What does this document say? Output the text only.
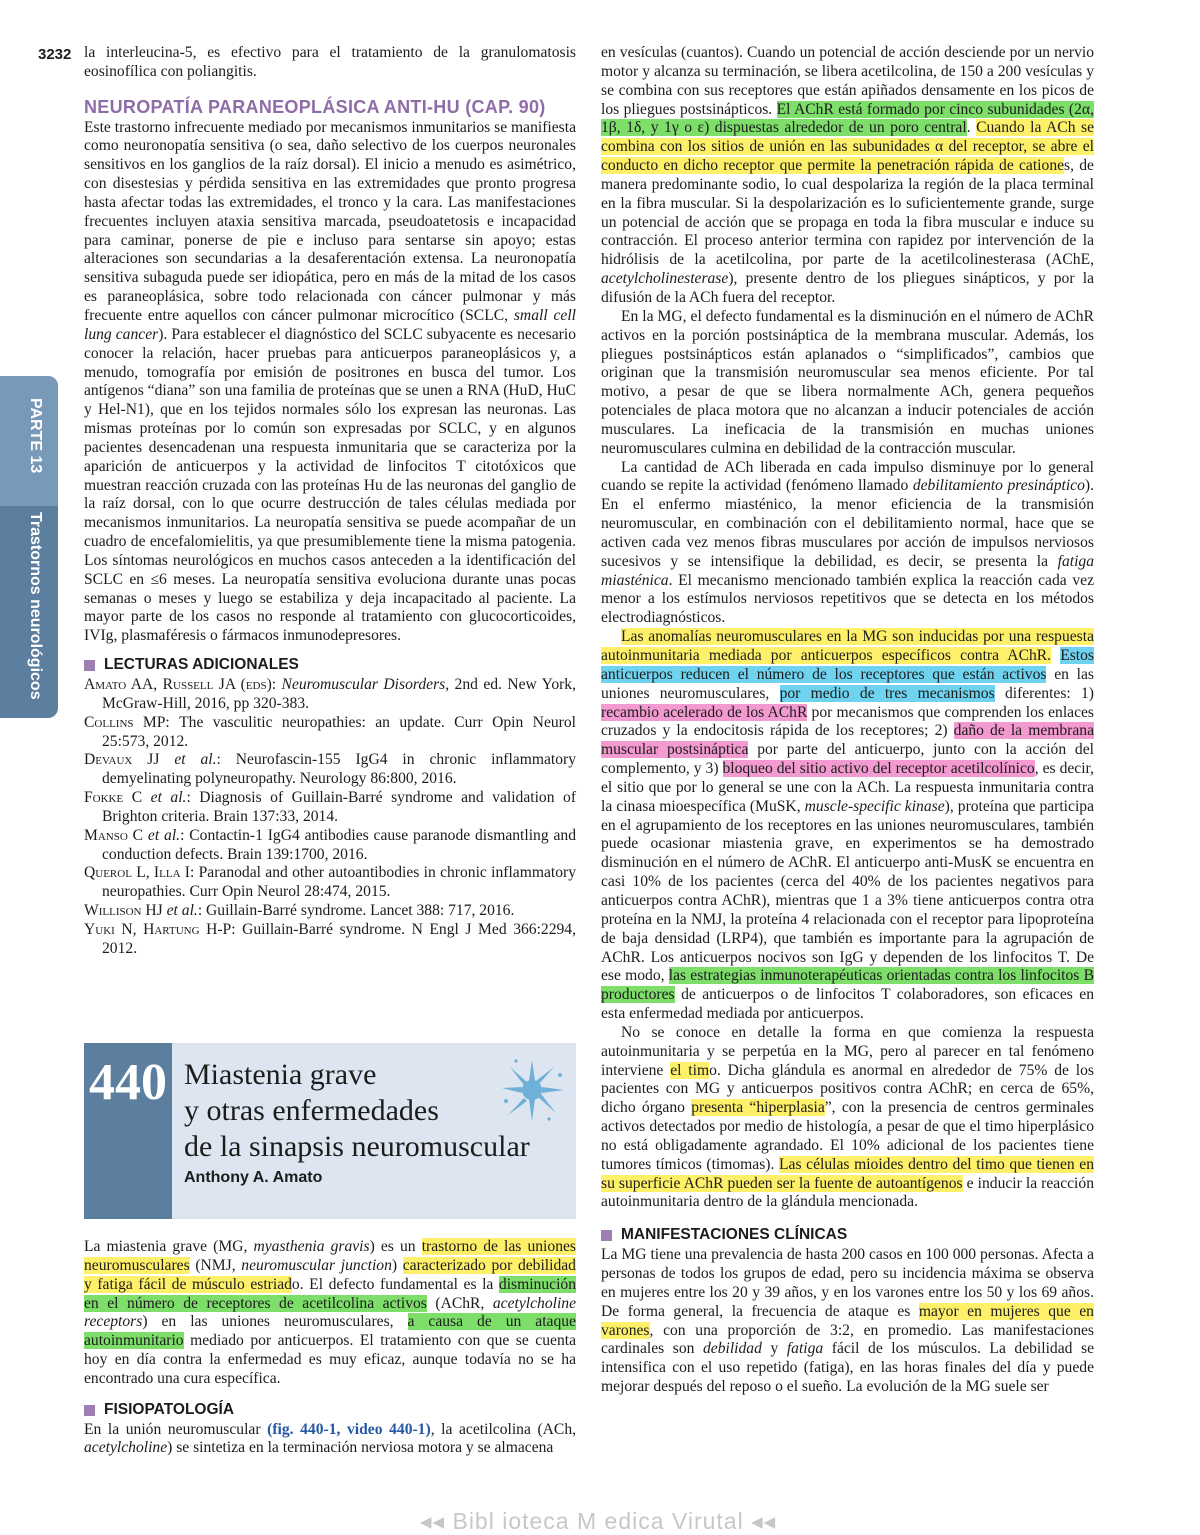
3232
PARTE 13
Trastornos neurológicos

la interleucina-5, es efectivo para el tratamiento de la granulomatosis eosinofílica con poliangitis.

NEUROPATÍA PARANEOPLÁSICA ANTI-HU (CAP. 90)

Este trastorno infrecuente mediado por mecanismos inmunitarios se manifiesta como neuronopatía sensitiva (o sea, daño selectivo de los cuerpos neuronales sensitivos en los ganglios de la raíz dorsal). El inicio a menudo es asimétrico, con disestesias y pérdida sensitiva en las extremidades que pronto progresa hasta afectar todas las extremidades, el tronco y la cara. Las manifestaciones frecuentes incluyen ataxia sensitiva marcada, pseudoatetosis e incapacidad para caminar, ponerse de pie e incluso para sentarse sin apoyo; estas alteraciones son secundarias a la desaferentación extensa. La neuronopatía sensitiva subaguda puede ser idiopática, pero en más de la mitad de los casos es paraneoplásica, sobre todo relacionada con cáncer pulmonar y más frecuente entre aquellos con cáncer pulmonar microcítico (SCLC, small cell lung cancer). Para establecer el diagnóstico del SCLC subyacente es necesario conocer la relación, hacer pruebas para anticuerpos paraneoplásicos y, a menudo, tomografía por emisión de positrones en busca del tumor. Los antígenos “diana” son una familia de proteínas que se unen a RNA (HuD, HuC y Hel-N1), que en los tejidos normales sólo los expresan las neuronas. Las mismas proteínas por lo común son expresadas por SCLC, y en algunos pacientes desencadenan una respuesta inmunitaria que se caracteriza por la aparición de anticuerpos y la actividad de linfocitos T citotóxicos que muestran reacción cruzada con las proteínas Hu de las neuronas del ganglio de la raíz dorsal, con lo que ocurre destrucción de tales células mediada por mecanismos inmunitarios. La neuropatía sensitiva se puede acompañar de un cuadro de encefalomielitis, ya que presumiblemente tiene la misma patogenia. Los síntomas neurológicos en muchos casos anteceden a la identificación del SCLC en ≤6 meses. La neuropatía sensitiva evoluciona durante unas pocas semanas o meses y luego se estabiliza y deja incapacitado al paciente. La mayor parte de los casos no responde al tratamiento con glucocorticoides, IVIg, plasmaféresis o fármacos inmunodepresores.

LECTURAS ADICIONALES

Amato AA, Russell JA (eds): Neuromuscular Disorders, 2nd ed. New York, McGraw-Hill, 2016, pp 320-383.

Collins MP: The vasculitic neuropathies: an update. Curr Opin Neurol 25:573, 2012.

Devaux JJ et al.: Neurofascin-155 IgG4 in chronic inflammatory demyelinating polyneuropathy. Neurology 86:800, 2016.

Fokke C et al.: Diagnosis of Guillain-Barré syndrome and validation of Brighton criteria. Brain 137:33, 2014.

Manso C et al.: Contactin-1 IgG4 antibodies cause paranode dismantling and conduction defects. Brain 139:1700, 2016.

Querol L, Illa I: Paranodal and other autoantibodies in chronic inflammatory neuropathies. Curr Opin Neurol 28:474, 2015.

Willison HJ et al.: Guillain-Barré syndrome. Lancet 388: 717, 2016.

Yuki N, Hartung H-P: Guillain-Barré syndrome. N Engl J Med 366:2294, 2012.

440 Miastenia grave
y otras enfermedades
de la sinapsis neuromuscular
Anthony A. Amato

La miastenia grave (MG, myasthenia gravis) es un trastorno de las uniones neuromusculares (NMJ, neuromuscular junction) caracterizado por debilidad y fatiga fácil de músculo estriado. El defecto fundamental es la disminución en el número de receptores de acetilcolina activos (AChR, acetylcholine receptors) en las uniones neuromusculares, a causa de un ataque autoinmunitario mediado por anticuerpos. El tratamiento con que se cuenta hoy en día contra la enfermedad es muy eficaz, aunque todavía no se ha encontrado una cura específica.

FISIOPATOLOGÍA

En la unión neuromuscular (fig. 440-1, video 440-1), la acetilcolina (ACh, acetylcholine) se sintetiza en la terminación nerviosa motora y se almacena

en vesículas (cuantos). Cuando un potencial de acción desciende por un nervio motor y alcanza su terminación, se libera acetilcolina, de 150 a 200 vesículas y se combina con sus receptores que están apiñados densamente en los picos de los pliegues postsinápticos. El AChR está formado por cinco subunidades (2α, 1β, 1δ, y 1γ o ε) dispuestas alrededor de un poro central. Cuando la ACh se combina con los sitios de unión en las subunidades α del receptor, se abre el conducto en dicho receptor que permite la penetración rápida de cationes, de manera predominante sodio, lo cual despolariza la región de la placa terminal en la fibra muscular. Si la despolarización es lo suficientemente grande, surge un potencial de acción que se propaga en toda la fibra muscular e induce su contracción. El proceso anterior termina con rapidez por intervención de la hidrólisis de la acetilcolina, por parte de la acetilcolinesterasa (AChE, acetylcholinesterase), presente dentro de los pliegues sinápticos, y por la difusión de la ACh fuera del receptor.

En la MG, el defecto fundamental es la disminución en el número de AChR activos en la porción postsináptica de la membrana muscular. Además, los pliegues postsinápticos están aplanados o “simplificados”, cambios que originan que la transmisión neuromuscular sea menos eficiente. Por tal motivo, a pesar de que se libera normalmente ACh, genera pequeños potenciales de placa motora que no alcanzan a inducir potenciales de acción musculares. La ineficacia de la transmisión en muchas uniones neuromusculares culmina en debilidad de la contracción muscular.

La cantidad de ACh liberada en cada impulso disminuye por lo general cuando se repite la actividad (fenómeno llamado debilitamiento presináptico). En el enfermo miasténico, la menor eficiencia de la transmisión neuromuscular, en combinación con el debilitamiento normal, hace que se activen cada vez menos fibras musculares por acción de impulsos nerviosos sucesivos y se intensifique la debilidad, es decir, se presenta la fatiga miasténica. El mecanismo mencionado también explica la reacción cada vez menor a los estímulos nerviosos repetitivos que se detecta en los métodos electrodiagnósticos.

Las anomalías neuromusculares en la MG son inducidas por una respuesta autoinmunitaria mediada por anticuerpos específicos contra AChR. Estos anticuerpos reducen el número de los receptores que están activos en las uniones neuromusculares, por medio de tres mecanismos diferentes: 1) recambio acelerado de los AChR por mecanismos que comprenden los enlaces cruzados y la endocitosis rápida de los receptores; 2) daño de la membrana muscular postsináptica por parte del anticuerpo, junto con la acción del complemento, y 3) bloqueo del sitio activo del receptor acetilcolínico, es decir, el sitio que por lo general se une con la ACh. La respuesta inmunitaria contra la cinasa mioespecífica (MuSK, muscle-specific kinase), proteína que participa en el agrupamiento de los receptores en las uniones neuromusculares, también puede ocasionar miastenia grave, en experimentos se ha demostrado disminución en el número de AChR. El anticuerpo anti-MusK se encuentra en casi 10% de los pacientes (cerca del 40% de los pacientes negativos para anticuerpos contra AChR), mientras que 1 a 3% tiene anticuerpos contra otra proteína en la NMJ, la proteína 4 relacionada con el receptor para lipoproteína de baja densidad (LRP4), que también es importante para la agrupación de AChR. Los anticuerpos nocivos son IgG y dependen de los linfocitos T. De ese modo, las estrategias inmunoterapéuticas orientadas contra los linfocitos B productores de anticuerpos o de linfocitos T colaboradores, son eficaces en esta enfermedad mediada por anticuerpos.

No se conoce en detalle la forma en que comienza la respuesta autoinmunitaria y se perpetúa en la MG, pero al parecer en tal fenómeno interviene el timo. Dicha glándula es anormal en alrededor de 75% de los pacientes con MG y anticuerpos positivos contra AChR; en cerca de 65%, dicho órgano presenta “hiperplasia”, con la presencia de centros germinales activos detectados por medio de histología, a pesar de que el timo hiperplásico no está obligadamente agrandado. El 10% adicional de los pacientes tiene tumores tímicos (timomas). Las células mioides dentro del timo que tienen en su superficie AChR pueden ser la fuente de autoantígenos e inducir la reacción autoinmunitaria dentro de la glándula mencionada.

MANIFESTACIONES CLÍNICAS

La MG tiene una prevalencia de hasta 200 casos en 100 000 personas. Afecta a personas de todos los grupos de edad, pero su incidencia máxima se observa en mujeres entre los 20 y 39 años, y en los varones entre los 50 y los 69 años. De forma general, la frecuencia de ataque es mayor en mujeres que en varones, con una proporción de 3:2, en promedio. Las manifestaciones cardinales son debilidad y fatiga fácil de los músculos. La debilidad se intensifica con el uso repetido (fatiga), en las horas finales del día y puede mejorar después del reposo o el sueño. La evolución de la MG suele ser

◂◂ Bibl ioteca M edica Virutal ◂◂
